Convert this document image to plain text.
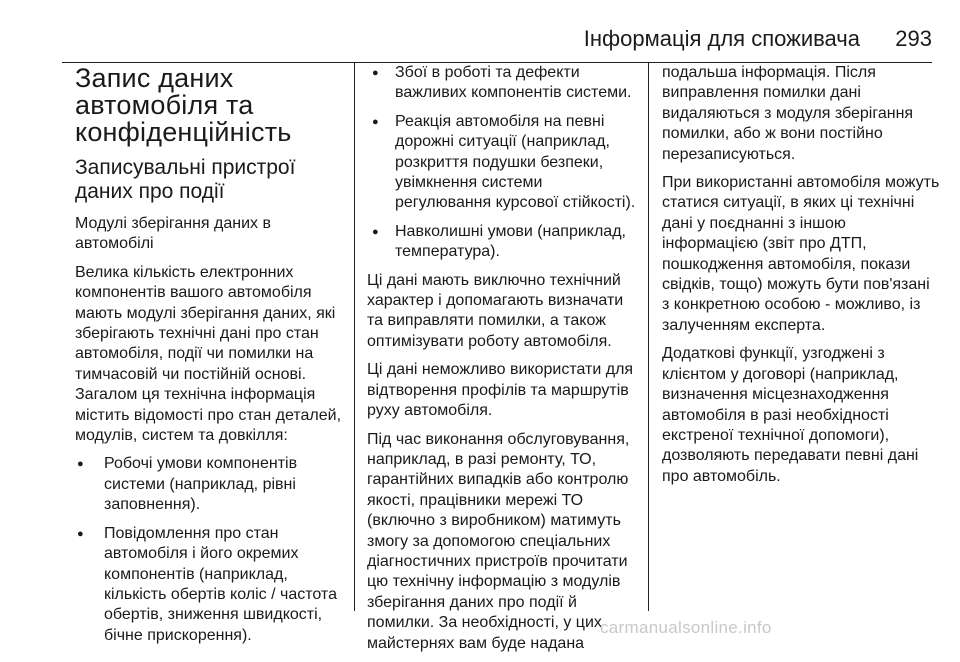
Інформація для споживача 293
Запис даних автомобіля та конфіденційність
Записувальні пристрої даних про події
Модулі зберігання даних в автомобілі

Велика кількість електронних компонентів вашого автомобіля мають модулі зберігання даних, які зберігають технічні дані про стан автомобіля, події чи помилки на тимчасовій чи постійній основі. Загалом ця технічна інформація містить відомості про стан деталей, модулів, систем та довкілля:

● Робочі умови компонентів системи (наприклад, рівні заповнення).
● Повідомлення про стан автомобіля і його окремих компонентів (наприклад, кількість обертів коліс / частота обертів, зниження швидкості, бічне прискорення).
● Збої в роботі та дефекти важливих компонентів системи.
● Реакція автомобіля на певні дорожні ситуації (наприклад, розкриття подушки безпеки, увімкнення системи регулювання курсової стійкості).
● Навколишні умови (наприклад, температура).

Ці дані мають виключно технічний характер і допомагають визначати та виправляти помилки, а також оптимізувати роботу автомобіля.

Ці дані неможливо використати для відтворення профілів та маршрутів руху автомобіля.

Під час виконання обслуговування, наприклад, в разі ремонту, ТО, гарантійних випадків або контролю якості, працівники мережі ТО (включно з виробником) матимуть змогу за допомогою спеціальних діагностичних пристроїв прочитати цю технічну інформацію з модулів зберігання даних про події й помилки. За необхідності, у цих майстернях вам буде надана

подальша інформація. Після виправлення помилки дані видаляються з модуля зберігання помилки, або ж вони постійно перезаписуються.

При використанні автомобіля можуть статися ситуації, в яких ці технічні дані у поєднанні з іншою інформацією (звіт про ДТП, пошкодження автомобіля, покази свідків, тощо) можуть бути пов'язані з конкретною особою - можливо, із залученням експерта.

Додаткові функції, узгоджені з клієнтом у договорі (наприклад, визначення місцезнаходження автомобіля в разі необхідності екстреної технічної допомоги), дозволяють передавати певні дані про автомобіль.

carmanualsonline.info
